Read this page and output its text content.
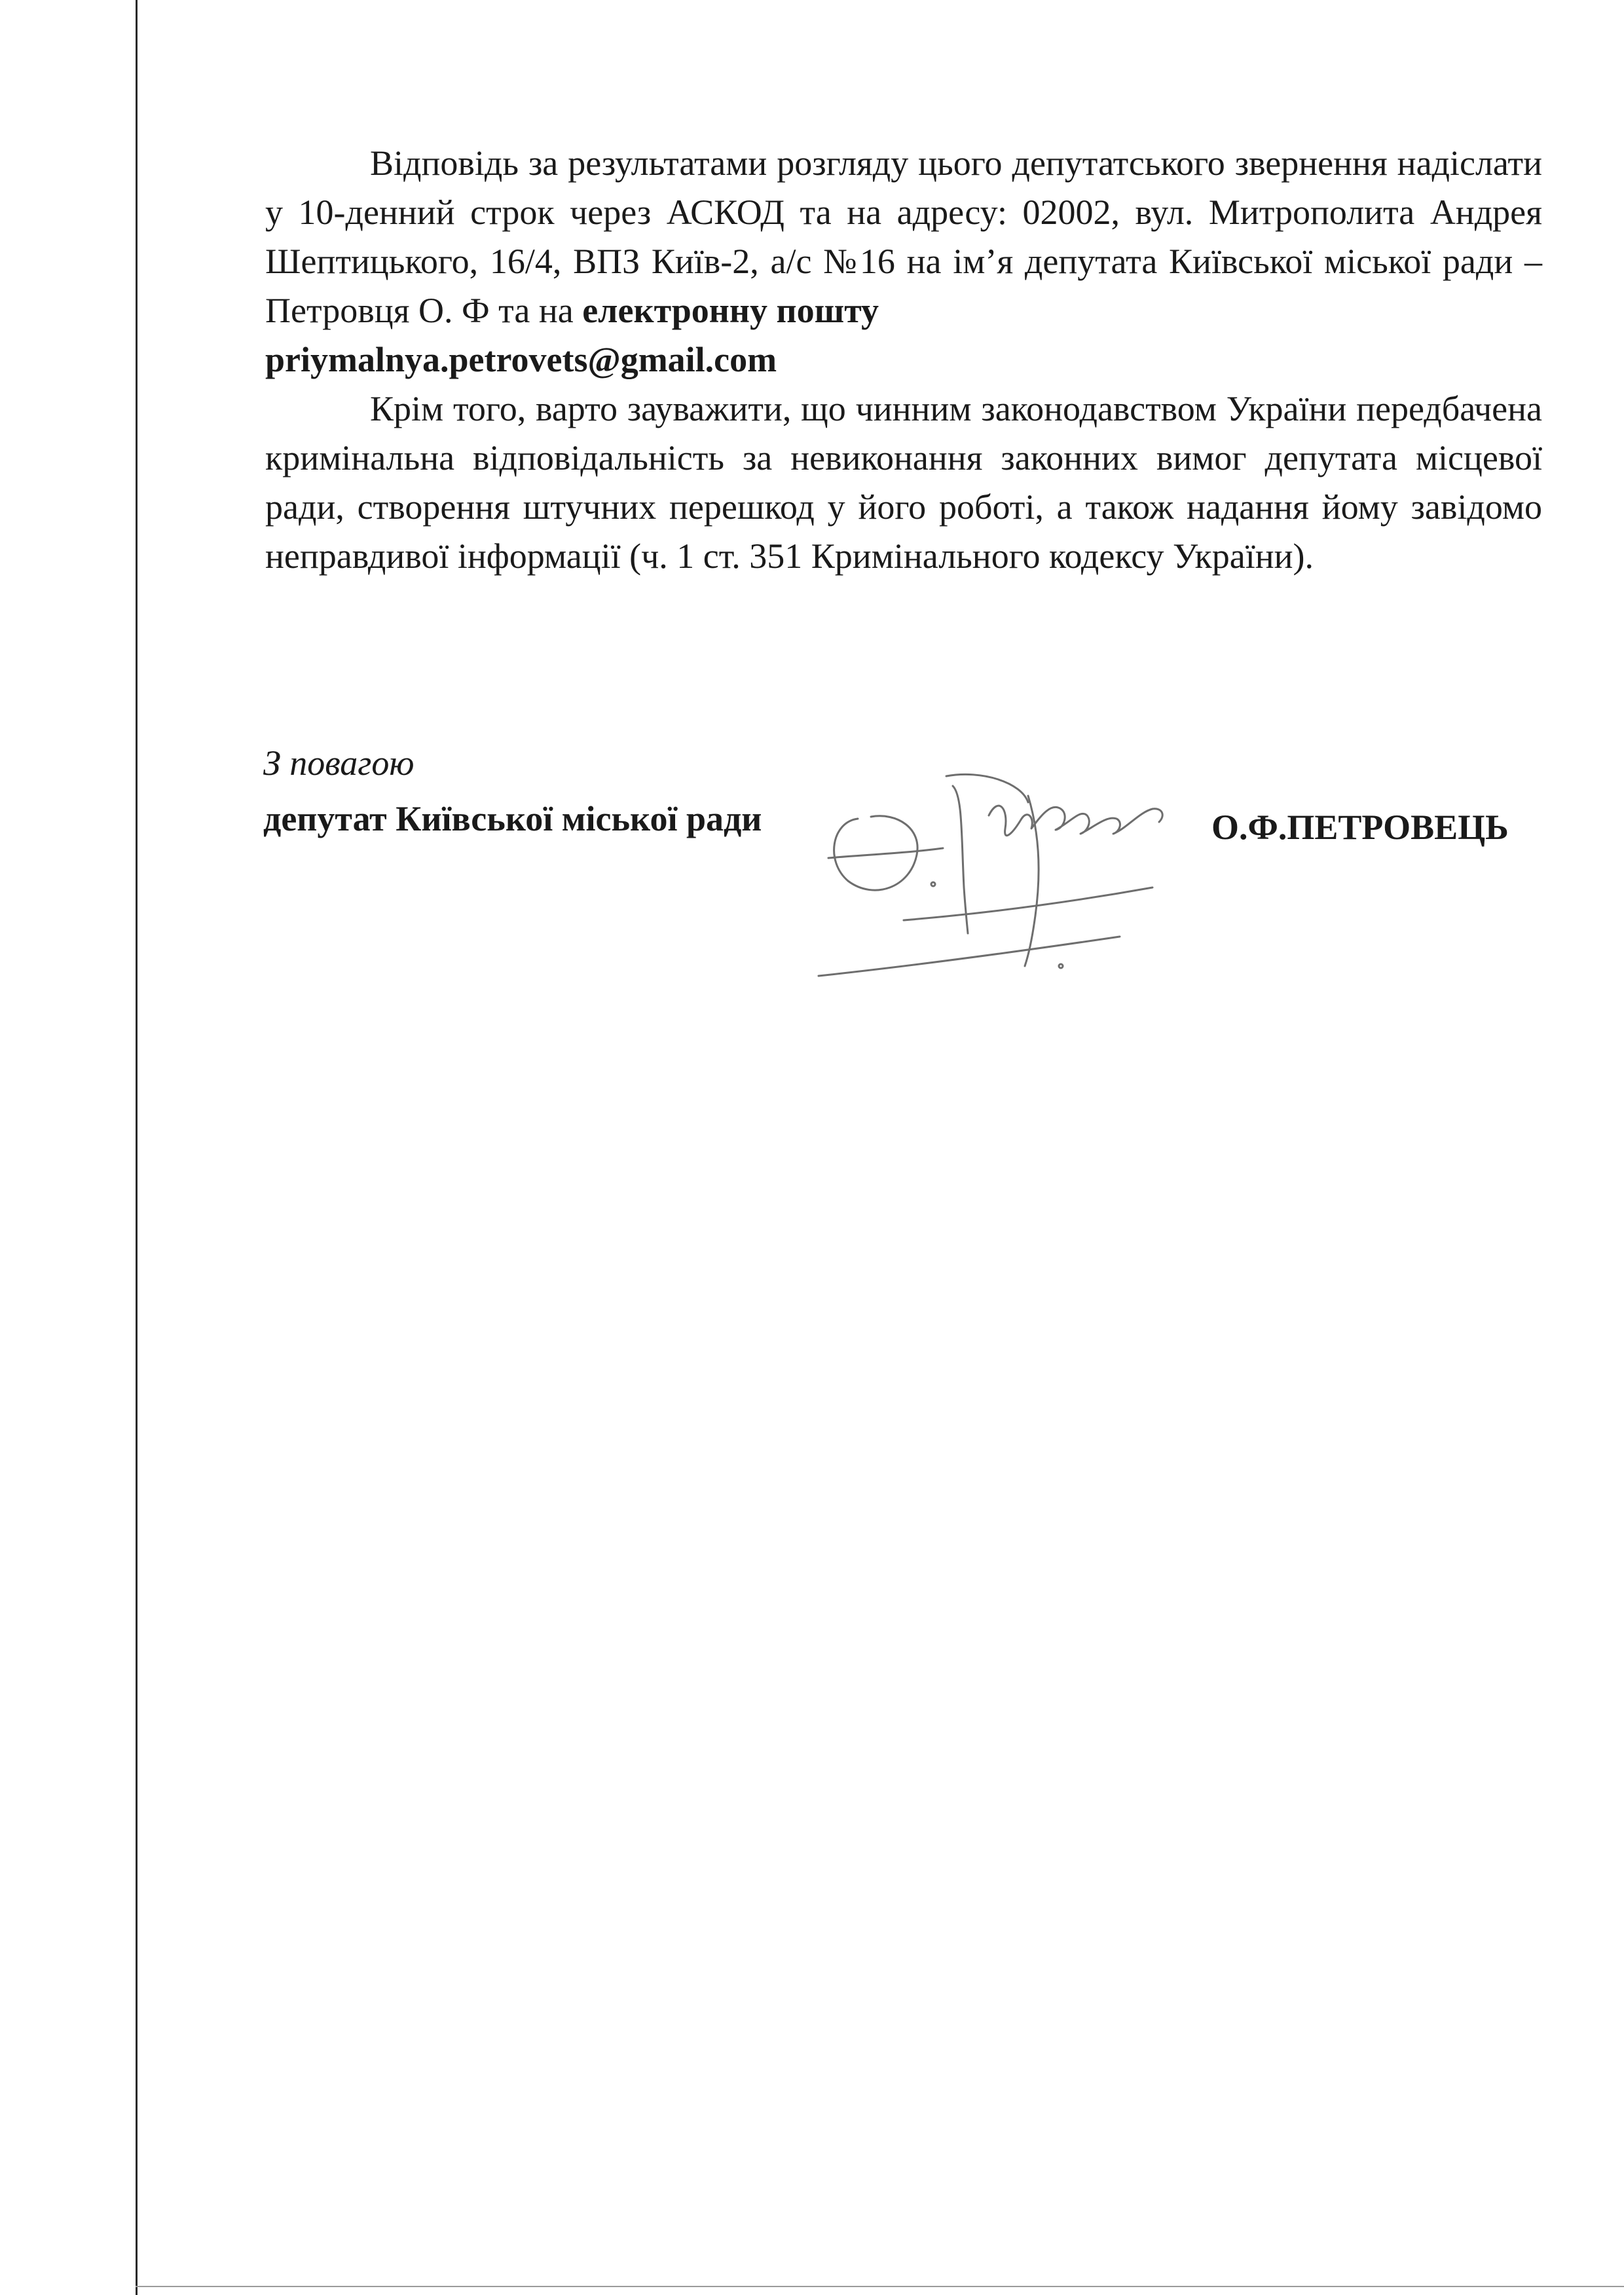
Відповідь за результатами розгляду цього депутатського звернення надіслати у 10-денний строк через АСКОД та на адресу: 02002, вул. Митрополита Андрея Шептицького, 16/4, ВПЗ Київ-2, а/с №16 на ім’я депутата Київської міської ради – Петровця О. Ф та на електронну пошту
priymalnya.petrovets@gmail.com

Крім того, варто зауважити, що чинним законодавством України передбачена кримінальна відповідальність за невиконання законних вимог депутата місцевої ради, створення штучних перешкод у його роботі, а також надання йому завідомо неправдивої інформації (ч. 1 ст. 351 Кримінального кодексу України).

З повагою
депутат Київської міської ради	О.Ф.ПЕТРОВЕЦЬ
